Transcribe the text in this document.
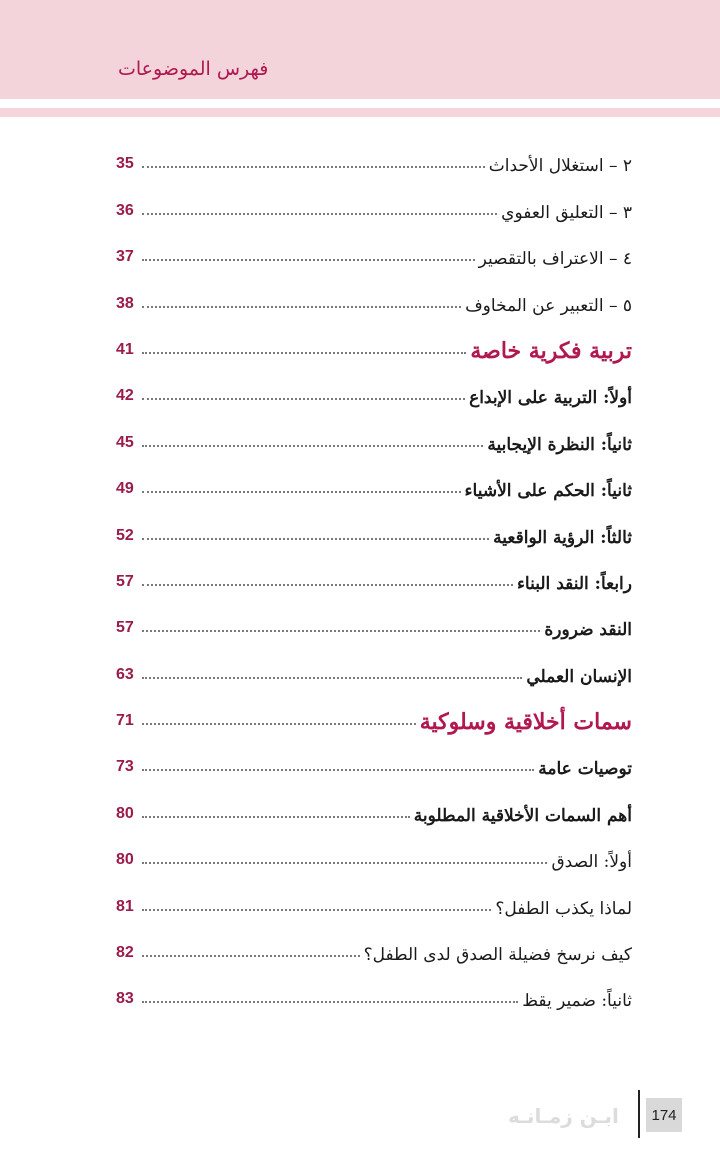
فهرس الموضوعات
35	٢ – استغلال الأحداث
36	٣ – التعليق العفوي
37	٤ – الاعتراف بالتقصير
38	٥ – التعبير عن المخاوف
41	تربية فكرية خاصة
42	أولاً: التربية على الإبداع
45	ثانياً: النظرة الإيجابية
49	ثانياً: الحكم على الأشياء
52	ثالثاً: الرؤية الواقعية
57	رابعاً: النقد البناء
57	النقد ضرورة
63	الإنسان العملي
71	سمات أخلاقية وسلوكية
73	توصيات عامة
80	أهم السمات الأخلاقية المطلوبة
80	أولاً: الصدق
81	لماذا يكذب الطفل؟
82	كيف نرسخ فضيلة الصدق لدى الطفل؟
83	ثانياً: ضمير يقظ
ابـن زمـانـه	174
